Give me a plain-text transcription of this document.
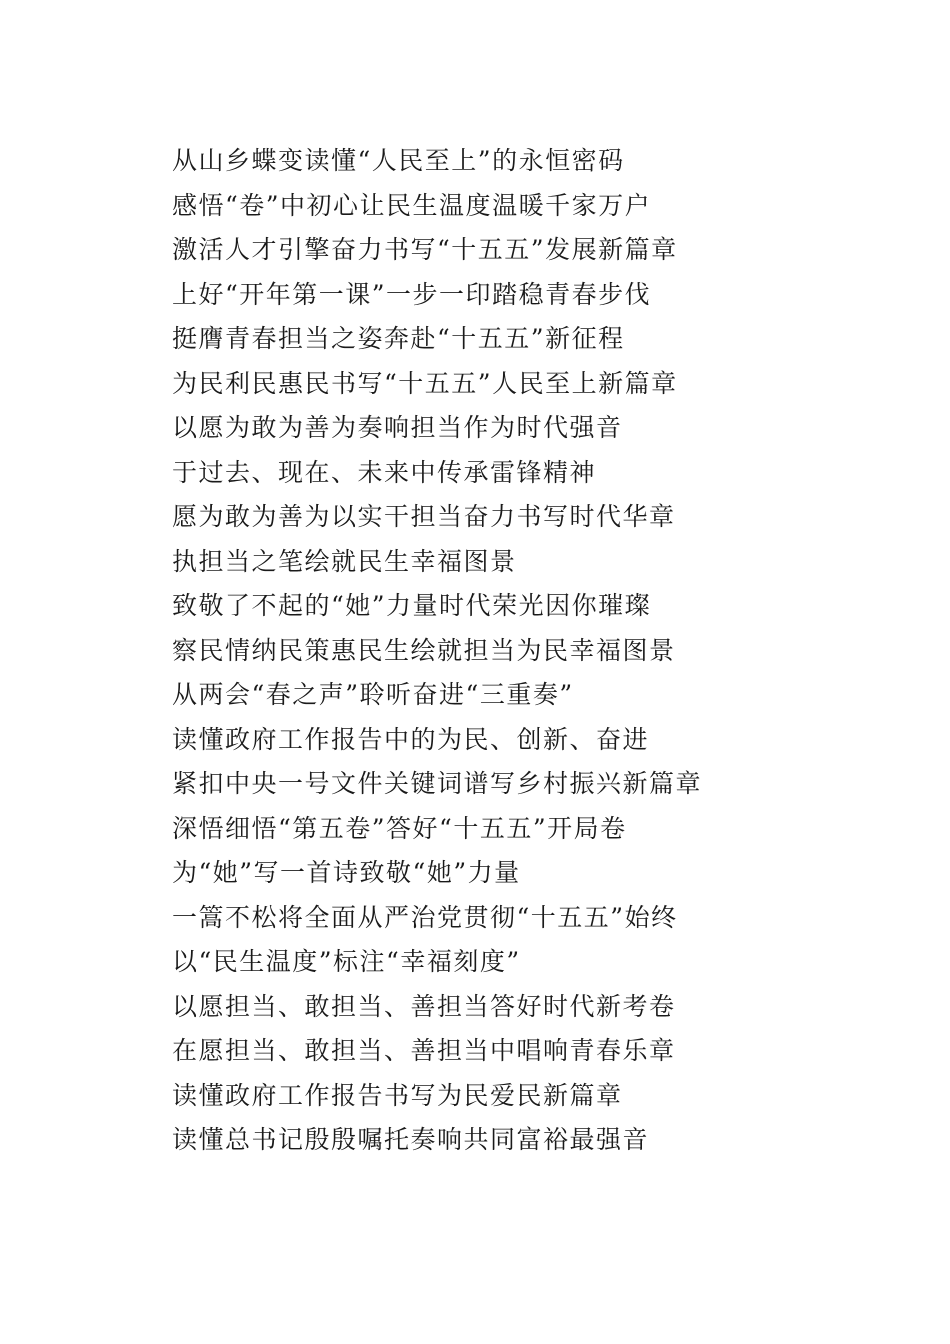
从山乡蝶变读懂“人民至上”的永恒密码
感悟“卷”中初心让民生温度温暖千家万户
激活人才引擎奋力书写“十五五”发展新篇章
上好“开年第一课”一步一印踏稳青春步伐
挺膺青春担当之姿奔赴“十五五”新征程
为民利民惠民书写“十五五”人民至上新篇章
以愿为敢为善为奏响担当作为时代强音
于过去、现在、未来中传承雷锋精神
愿为敢为善为以实干担当奋力书写时代华章
执担当之笔绘就民生幸福图景
致敬了不起的“她”力量时代荣光因你璀璨
察民情纳民策惠民生绘就担当为民幸福图景
从两会“春之声”聆听奋进“三重奏”
读懂政府工作报告中的为民、创新、奋进
紧扣中央一号文件关键词谱写乡村振兴新篇章
深悟细悟“第五卷”答好“十五五”开局卷
为“她”写一首诗致敬“她”力量
一篙不松将全面从严治党贯彻“十五五”始终
以“民生温度”标注“幸福刻度”
以愿担当、敢担当、善担当答好时代新考卷
在愿担当、敢担当、善担当中唱响青春乐章
读懂政府工作报告书写为民爱民新篇章
读懂总书记殷殷嘱托奏响共同富裕最强音
